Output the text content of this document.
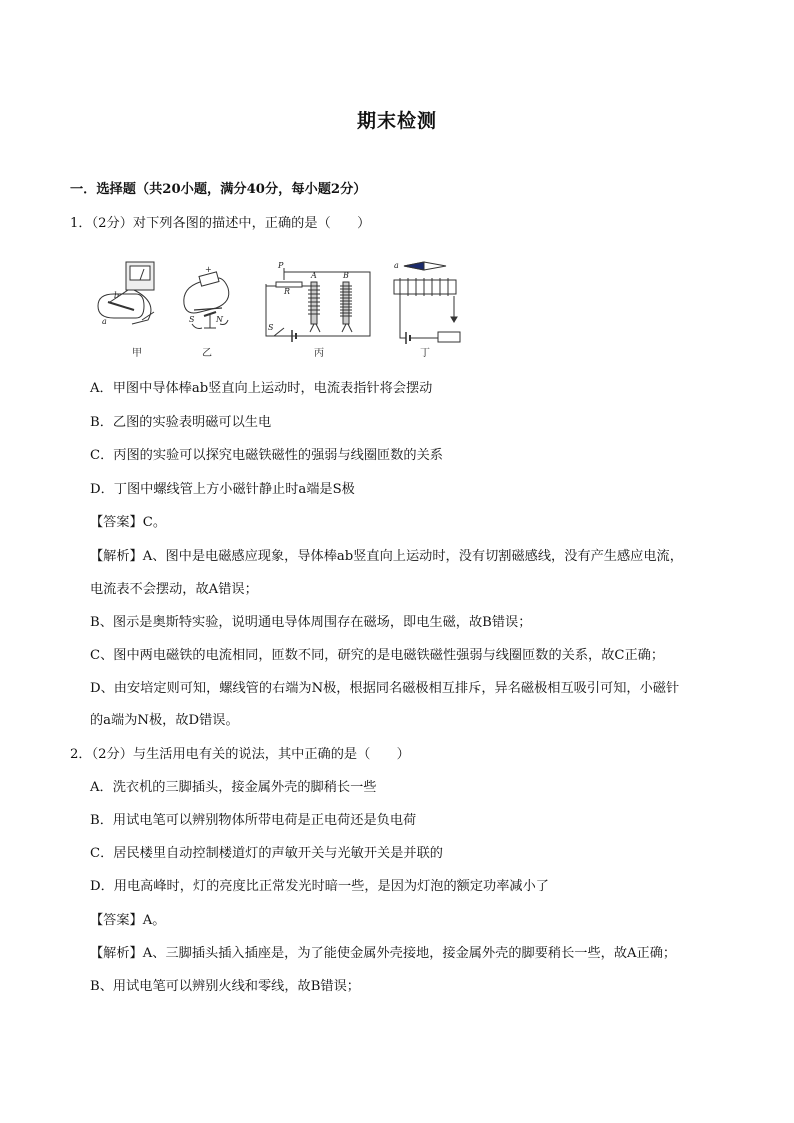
期末检测
一．选择题（共20小题，满分40分，每小题2分）
1．（2分）对下列各图的描述中，正确的是（　　）
a
b
甲
S	N
+
乙
P
R
S
A	B
丙
a
丁
A．甲图中导体棒ab竖直向上运动时，电流表指针将会摆动
B．乙图的实验表明磁可以生电
C．丙图的实验可以探究电磁铁磁性的强弱与线圈匝数的关系
D．丁图中螺线管上方小磁针静止时a端是S极
【答案】C。
【解析】A、图中是电磁感应现象，导体棒ab竖直向上运动时，没有切割磁感线，没有产生感应电流，
电流表不会摆动，故A错误；
B、图示是奥斯特实验，说明通电导体周围存在磁场，即电生磁，故B错误；
C、图中两电磁铁的电流相同，匝数不同，研究的是电磁铁磁性强弱与线圈匝数的关系，故C正确；
D、由安培定则可知，螺线管的右端为N极，根据同名磁极相互排斥，异名磁极相互吸引可知，小磁针
的a端为N极，故D错误。
2．（2分）与生活用电有关的说法，其中正确的是（　　）
A．洗衣机的三脚插头，接金属外壳的脚稍长一些
B．用试电笔可以辨别物体所带电荷是正电荷还是负电荷
C．居民楼里自动控制楼道灯的声敏开关与光敏开关是并联的
D．用电高峰时，灯的亮度比正常发光时暗一些，是因为灯泡的额定功率减小了
【答案】A。
【解析】A、三脚插头插入插座是，为了能使金属外壳接地，接金属外壳的脚要稍长一些，故A正确；
B、用试电笔可以辨别火线和零线，故B错误；
